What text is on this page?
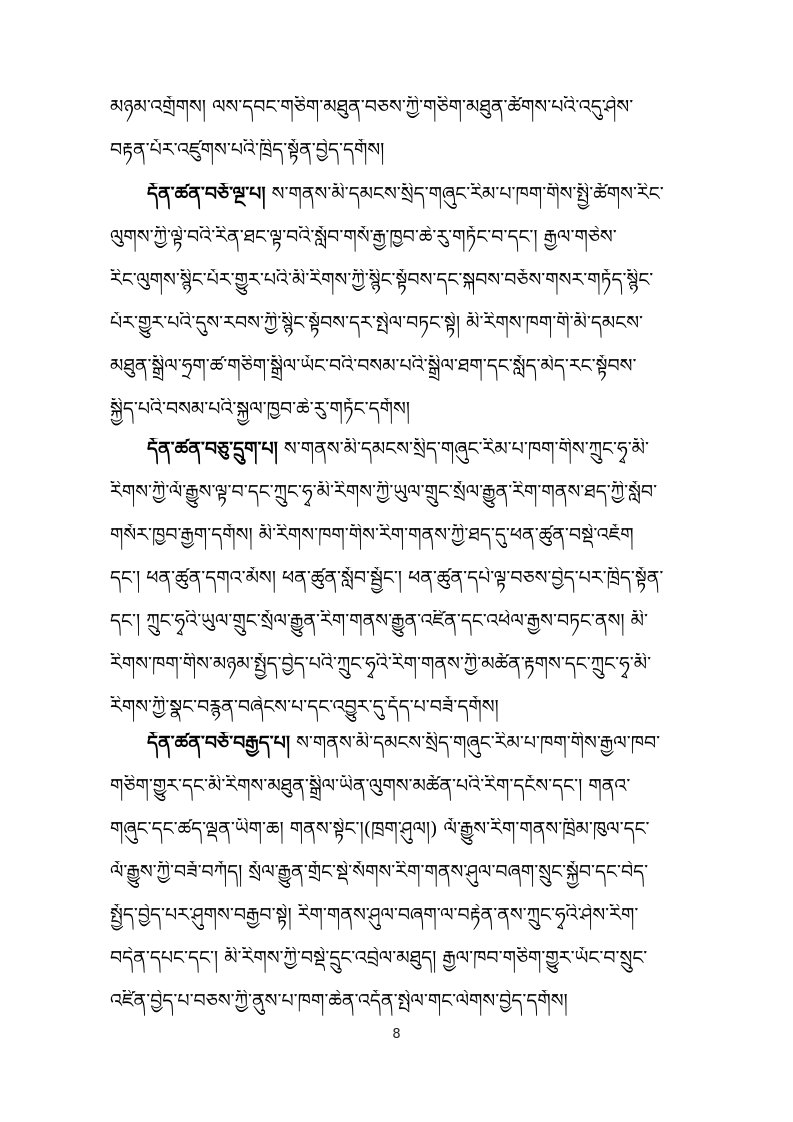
མཉམ་འགྲོགས། ལས་དབང་གཅིག་མཐུན་བཅས་ཀྱི་གཅིག་མཐུན་ཚོགས་པའི་འདུ་ཤེས་
བརྟན་པོར་འཛུགས་པའི་ཁྲིད་སྟོན་བྱེད་དགོས།
དོན་ཚན་བཅོ་ལྔ་པ། ས་གནས་མི་དམངས་སྲིད་གཞུང་རིམ་པ་ཁག་གིས་སྤྱི་ཚོགས་རིང་
ལུགས་ཀྱི་ལྟེ་བའི་རིན་ཐང་ལྟ་བའི་སློབ་གསོ་རྒྱ་ཁྱབ་ཆེ་རུ་གཏོང་བ་དང་། རྒྱལ་གཅེས་
རིང་ལུགས་སྙིང་པོར་གྱུར་པའི་མི་རིགས་ཀྱི་སྙིང་སྟོབས་དང་སྐབས་བཅོས་གསར་གཏོད་སྙིང་
པོར་གྱུར་པའི་དུས་རབས་ཀྱི་སྙིང་སྟོབས་དར་སྤེལ་བཏང་སྟེ། མི་རིགས་ཁག་གི་མི་དམངས་
མཐུན་སྒྲིལ་ཧྲག་ཚ་གཅིག་སྒྲིལ་ཡོང་བའི་བསམ་པའི་སྒྲིལ་ཐག་དང་སློད་མེད་རང་སྟོབས་
སྐྱིད་པའི་བསམ་པའི་སྐྱལ་ཁྱབ་ཆེ་རུ་གཏོང་དགོས།
དོན་ཚན་བཅུ་དྲུག་པ། ས་གནས་མི་དམངས་སྲིད་གཞུང་རིམ་པ་ཁག་གིས་ཀྲུང་ཧྭ་མི་
རིགས་ཀྱི་ལོ་རྒྱུས་ལྟ་བ་དང་ཀྲུང་ཧྭ་མི་རིགས་ཀྱི་ཡུལ་གྲུང་སྲོལ་རྒྱུན་རིག་གནས་ཐད་ཀྱི་སློབ་
གསོར་ཁྱབ་རྒྱག་དགོས། མི་རིགས་ཁག་གིས་རིག་གནས་ཀྱི་ཐད་དུ་ཕན་ཚུན་བསྡེ་འཇོག
དང་། ཕན་ཚུན་དགའ་མོས། ཕན་ཚུན་སློབ་སྦྱོང་། ཕན་ཚུན་དཔེ་ལྟ་བཅས་བྱེད་པར་ཁྲིད་སྟོན་
དང་། ཀྲུང་ཧྭའི་ཡུལ་གྲུང་སྲོལ་རྒྱུན་རིག་གནས་རྒྱུན་འཛིན་དང་འཕེལ་རྒྱས་བཏང་ནས། མི་
རིགས་ཁག་གིས་མཉམ་སྤྱོད་བྱེད་པའི་ཀྲུང་ཧྭའི་རིག་གནས་ཀྱི་མཚོན་རྟགས་དང་ཀྲུང་ཧྭ་མི་
རིགས་ཀྱི་སྣང་བརྙན་བཞེངས་པ་དང་འབྱུར་དུ་དོད་པ་བཟོ་དགོས།
དོན་ཚན་བཅོ་བརྒྱད་པ། ས་གནས་མི་དམངས་སྲིད་གཞུང་རིམ་པ་ཁག་གིས་རྒྱལ་ཁབ་
གཅིག་གྱུར་དང་མི་རིགས་མཐུན་སྒྲིལ་ཡིན་ལུགས་མཚོན་པའི་རིག་དངོས་དང་། གནའ་
གཞུང་དང་ཚད་ལྡན་ཡིག་ཆ། གནས་སྟེང་།(ཁྲག་ཤུལ།) ལོ་རྒྱུས་རིག་གནས་ཁྲིམ་ཁུལ་དང་
ལོ་རྒྱུས་ཀྱི་བཟོ་བཀོད། སྲོལ་རྒྱུན་གྲོང་སྡེ་སོགས་རིག་གནས་ཤུལ་བཞག་སྲུང་སྐྱོབ་དང་བེད་
སྤྱོད་བྱེད་པར་ཤུགས་བརྒྱབ་སྟེ། རིག་གནས་ཤུལ་བཞག་ལ་བརྟེན་ནས་ཀྲུང་ཧྭའི་ཤེས་རིག་
བདེན་དཔང་དང་། མི་རིགས་ཀྱི་བསྡེ་དྲུང་འབྲེལ་མཐུད། རྒྱལ་ཁབ་གཅིག་གྱུར་ཡོང་བ་སྲུང་
འཛིན་བྱེད་པ་བཅས་ཀྱི་ནུས་པ་ཁག་ཆེན་འདོན་སྤེལ་གང་ལེགས་བྱེད་དགོས།
8
